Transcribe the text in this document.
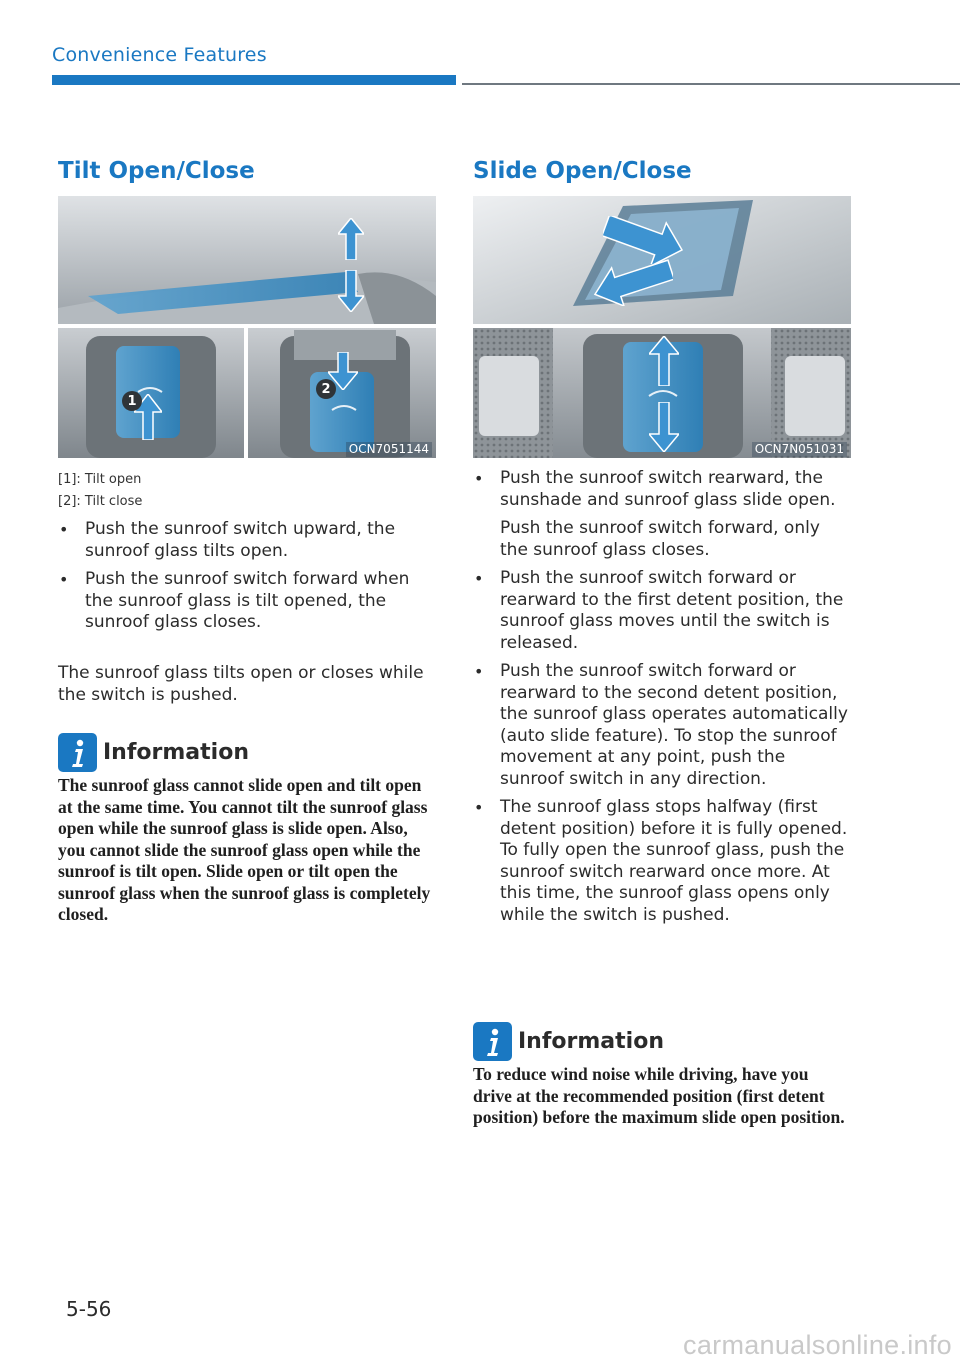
Convenience Features
Tilt Open/Close
1
2
OCN7051144
[1]: Tilt open
[2]: Tilt close
• Push the sunroof switch upward, the sunroof glass tilts open.
• Push the sunroof switch forward when the sunroof glass is tilt opened, the sunroof glass closes.
The sunroof glass tilts open or closes while the switch is pushed.
Information
The sunroof glass cannot slide open and tilt open at the same time. You cannot tilt the sunroof glass open while the sunroof glass is slide open. Also, you cannot slide the sunroof glass open while the sunroof is tilt open. Slide open or tilt open the sunroof glass when the sunroof glass is completely closed.
Slide Open/Close
OCN7N051031
• Push the sunroof switch rearward, the sunshade and sunroof glass slide open.
Push the sunroof switch forward, only the sunroof glass closes.
• Push the sunroof switch forward or rearward to the first detent position, the sunroof glass moves until the switch is released.
• Push the sunroof switch forward or rearward to the second detent position, the sunroof glass operates automatically (auto slide feature). To stop the sunroof movement at any point, push the sunroof switch in any direction.
• The sunroof glass stops halfway (first detent position) before it is fully opened. To fully open the sunroof glass, push the sunroof switch rearward once more. At this time, the sunroof glass opens only while the switch is pushed.
Information
To reduce wind noise while driving, have you drive at the recommended position (first detent position) before the maximum slide open position.
5-56
carmanualsonline.info
